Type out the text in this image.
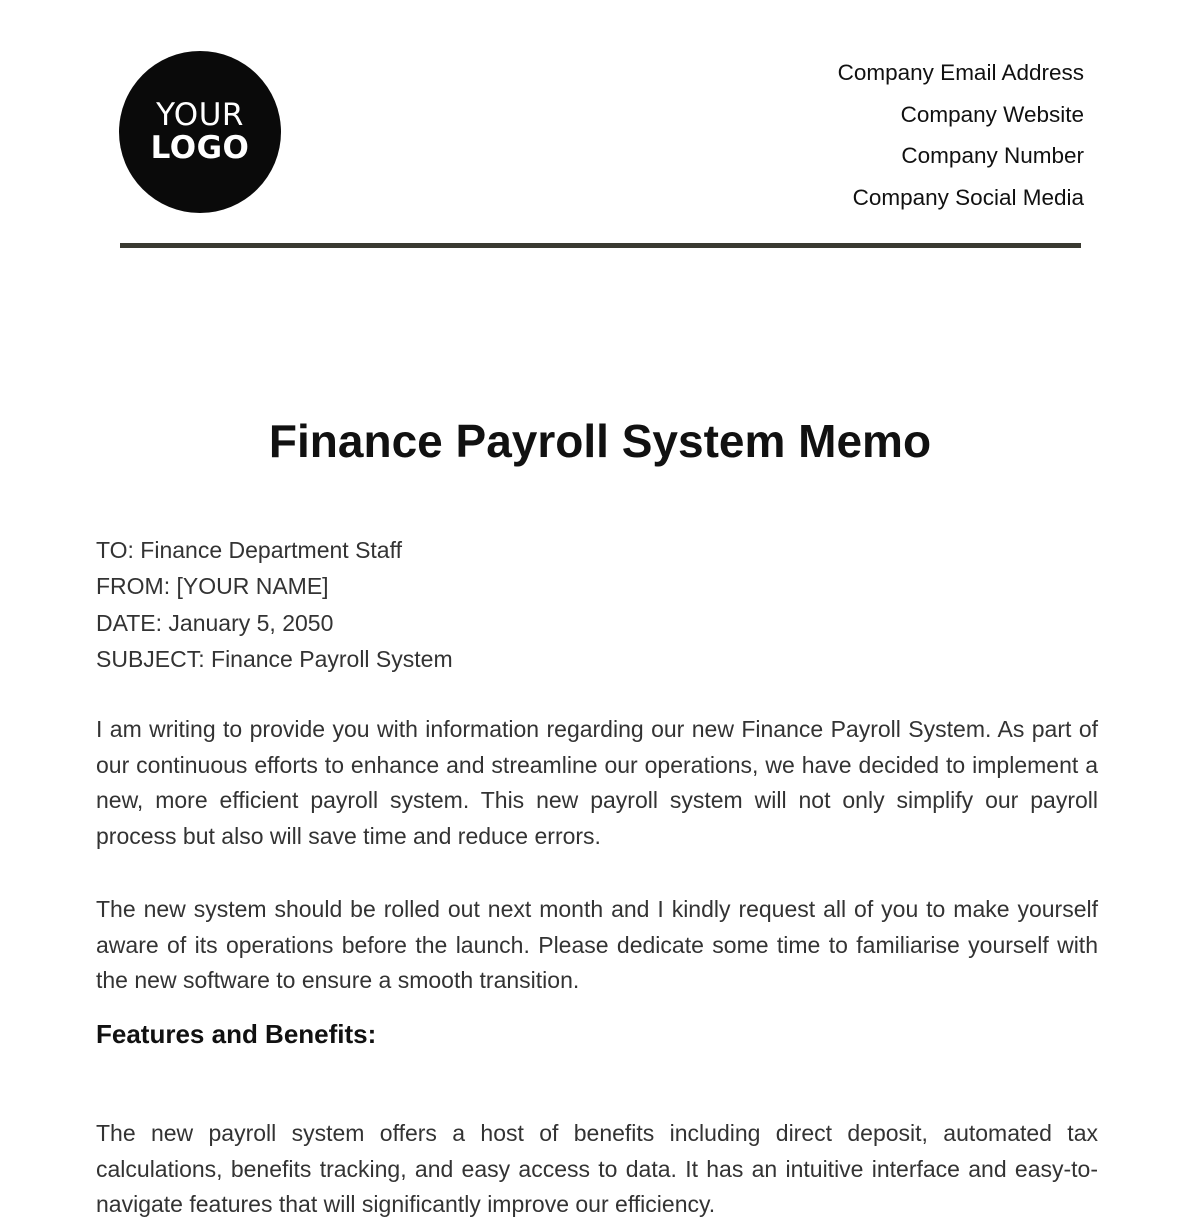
YOUR
LOGO
Company Email Address
Company Website
Company Number
Company Social Media
Finance Payroll System Memo
TO: Finance Department Staff
FROM: [YOUR NAME]
DATE: January 5, 2050
SUBJECT: Finance Payroll System

I am writing to provide you with information regarding our new Finance Payroll System. As part of our continuous efforts to enhance and streamline our operations, we have decided to implement a new, more efficient payroll system. This new payroll system will not only simplify our payroll process but also will save time and reduce errors.

The new system should be rolled out next month and I kindly request all of you to make yourself aware of its operations before the launch. Please dedicate some time to familiarise yourself with the new software to ensure a smooth transition.

Features and Benefits:

The new payroll system offers a host of benefits including direct deposit, automated tax calculations, benefits tracking, and easy access to data. It has an intuitive interface and easy-to-navigate features that will significantly improve our efficiency.
